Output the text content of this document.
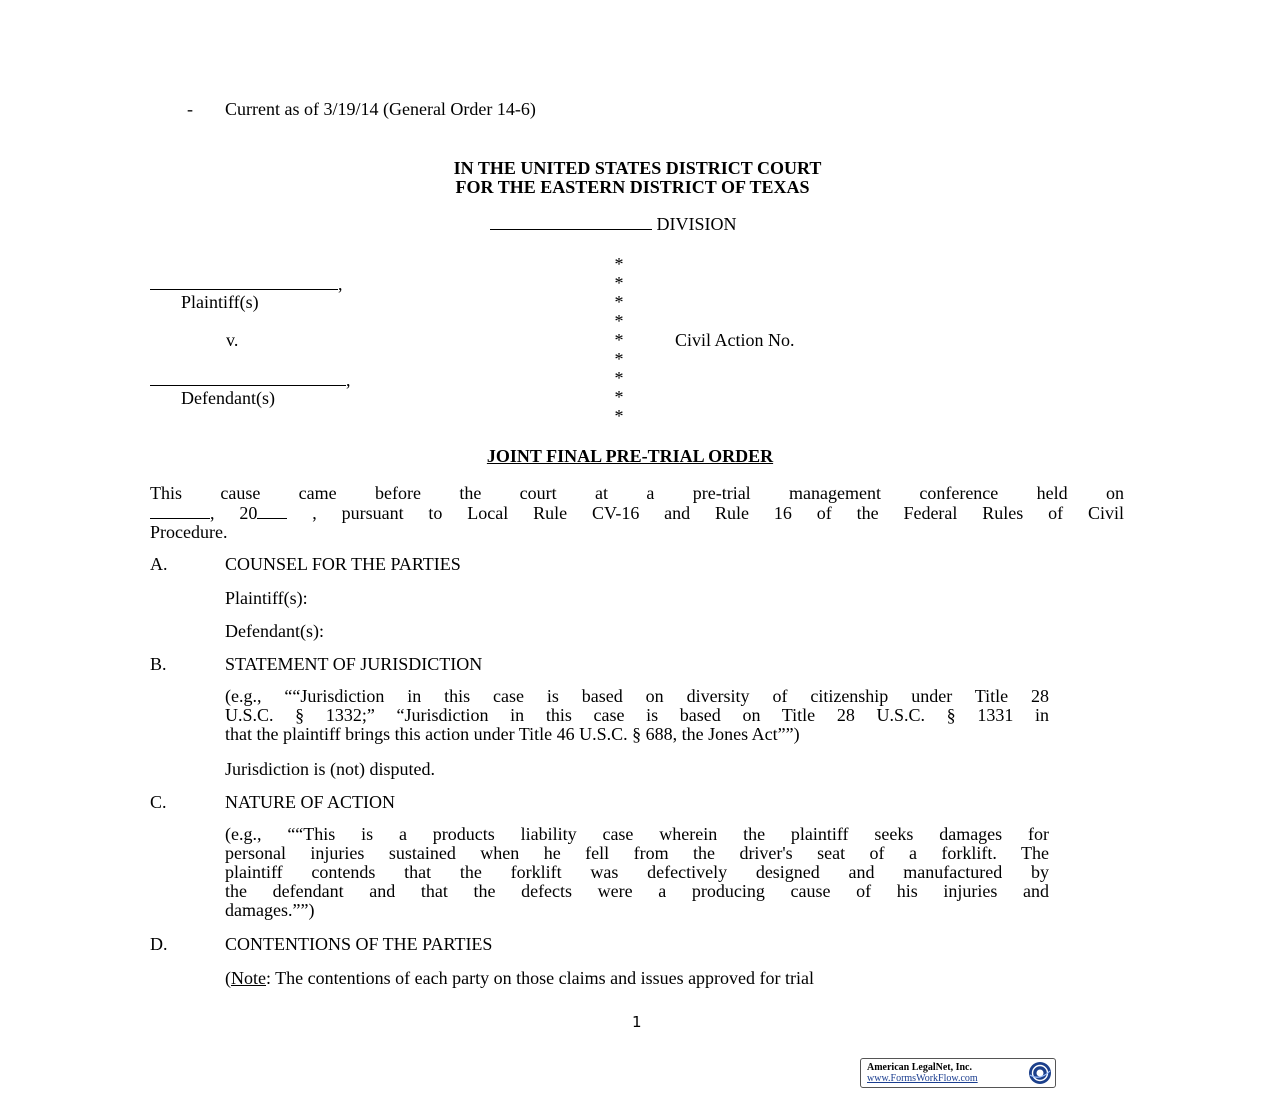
- Current as of 3/19/14 (General Order 14-6)
IN THE UNITED STATES DISTRICT COURT
FOR THE EASTERN DISTRICT OF TEXAS
DIVISION
,
Plaintiff(s)
v.
,
Defendant(s)
*
*
*
*
*
*
*
*
*
Civil Action No.
JOINT FINAL PRE-TRIAL ORDER
This cause came before the court at a pre-trial management conference held on
, 20 , pursuant to Local Rule CV-16 and Rule 16 of the Federal Rules of Civil
Procedure.
A.	COUNSEL FOR THE PARTIES
Plaintiff(s):
Defendant(s):
B.	STATEMENT OF JURISDICTION
(e.g., ““Jurisdiction in this case is based on diversity of citizenship under Title 28
U.S.C. § 1332;” “Jurisdiction in this case is based on Title 28 U.S.C. § 1331 in
that the plaintiff brings this action under Title 46 U.S.C. § 688, the Jones Act””)
Jurisdiction is (not) disputed.
C.	NATURE OF ACTION
(e.g., ““This is a products liability case wherein the plaintiff seeks damages for
personal injuries sustained when he fell from the driver's seat of a forklift. The
plaintiff contends that the forklift was defectively designed and manufactured by
the defendant and that the defects were a producing cause of his injuries and
damages.””)
D.	CONTENTIONS OF THE PARTIES
(Note: The contentions of each party on those claims and issues approved for trial
1
American LegalNet, Inc.
www.FormsWorkFlow.com
